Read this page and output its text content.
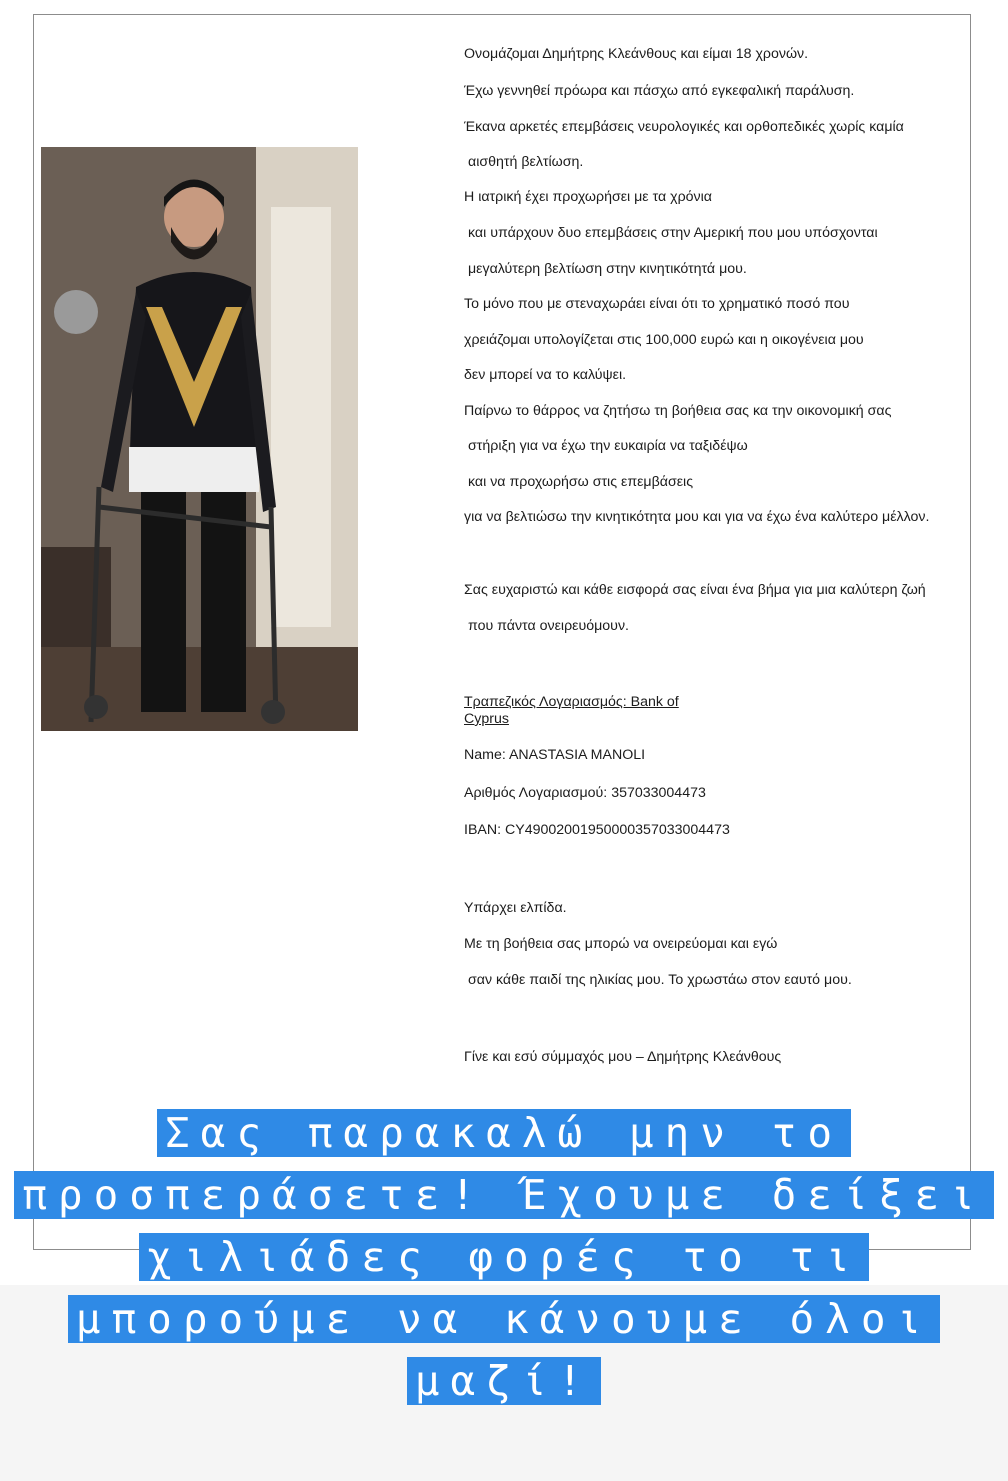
Ονομάζομαι Δημήτρης Κλεάνθους και είμαι 18 χρονών.

Έχω γεννηθεί πρόωρα και πάσχω από εγκεφαλική παράλυση.

Έκανα αρκετές επεμβάσεις νευρολογικές και ορθοπεδικές χωρίς καμία

αισθητή βελτίωση.

Η ιατρική έχει προχωρήσει με τα χρόνια

και υπάρχουν δυο επεμβάσεις στην Αμερική που μου υπόσχονται

μεγαλύτερη βελτίωση στην κινητικότητά μου.

Το μόνο που με στεναχωράει είναι ότι το χρηματικό ποσό που

χρειάζομαι υπολογίζεται στις 100,000 ευρώ και η οικογένεια μου

δεν μπορεί να το καλύψει.

Παίρνω το θάρρος να ζητήσω τη βοήθεια σας κα την οικονομική σας

στήριξη για να έχω την ευκαιρία να ταξιδέψω

και να προχωρήσω στις επεμβάσεις

για να βελτιώσω την κινητικότητα μου και για να έχω ένα καλύτερο μέλλον.

Σας ευχαριστώ και κάθε εισφορά σας είναι ένα βήμα για μια καλύτερη ζωή

που πάντα ονειρευόμουν.

Τραπεζικός Λογαριασμός: Bank of Cyprus

Name: ANASTASIA MANOLI

Αριθμός Λογαριασμού: 357033004473

IBAN: CY49002001950000357033004473

Υπάρχει ελπίδα.

Με τη βοήθεια σας μπορώ να ονειρεύομαι και εγώ

σαν κάθε παιδί της ηλικίας μου. Το χρωστάω στον εαυτό μου.

Γίνε και εσύ σύμμαχός μου – Δημήτρης Κλεάνθους

Σας παρακαλώ μην το προσπεράσετε! Έχουμε δείξει χιλιάδες φορές το τι μπορούμε να κάνουμε όλοι μαζί!
